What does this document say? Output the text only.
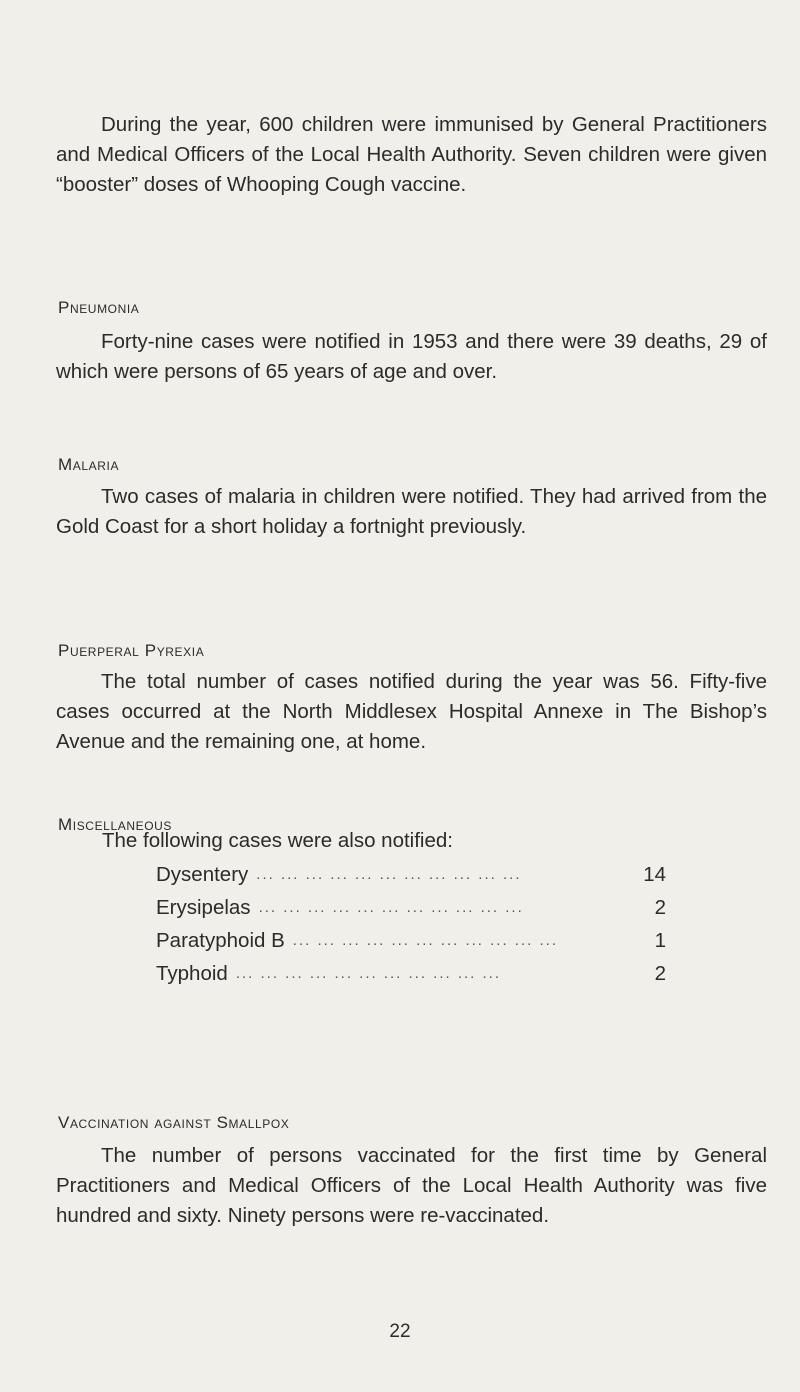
During the year, 600 children were immunised by General Practitioners and Medical Officers of the Local Health Authority. Seven children were given “booster” doses of Whooping Cough vaccine.

Pneumonia

Forty-nine cases were notified in 1953 and there were 39 deaths, 29 of which were persons of 65 years of age and over.

Malaria

Two cases of malaria in children were notified. They had arrived from the Gold Coast for a short holiday a fortnight previously.

Puerperal Pyrexia

The total number of cases notified during the year was 56. Fifty-five cases occurred at the North Middlesex Hospital Annexe in The Bishop’s Avenue and the remaining one, at home.

Miscellaneous

The following cases were also notified:

Dysentery ... ... ... ... ... ... ... ... ... ... ...	14
Erysipelas ... ... ... ... ... ... ... ... ... ... ...	2
Paratyphoid B ... ... ... ... ... ... ... ... ... ... ...	1
Typhoid ... ... ... ... ... ... ... ... ... ... ...	2
Vaccination against Smallpox

The number of persons vaccinated for the first time by General Practitioners and Medical Officers of the Local Health Authority was five hundred and sixty. Ninety persons were re-vaccinated.

22
